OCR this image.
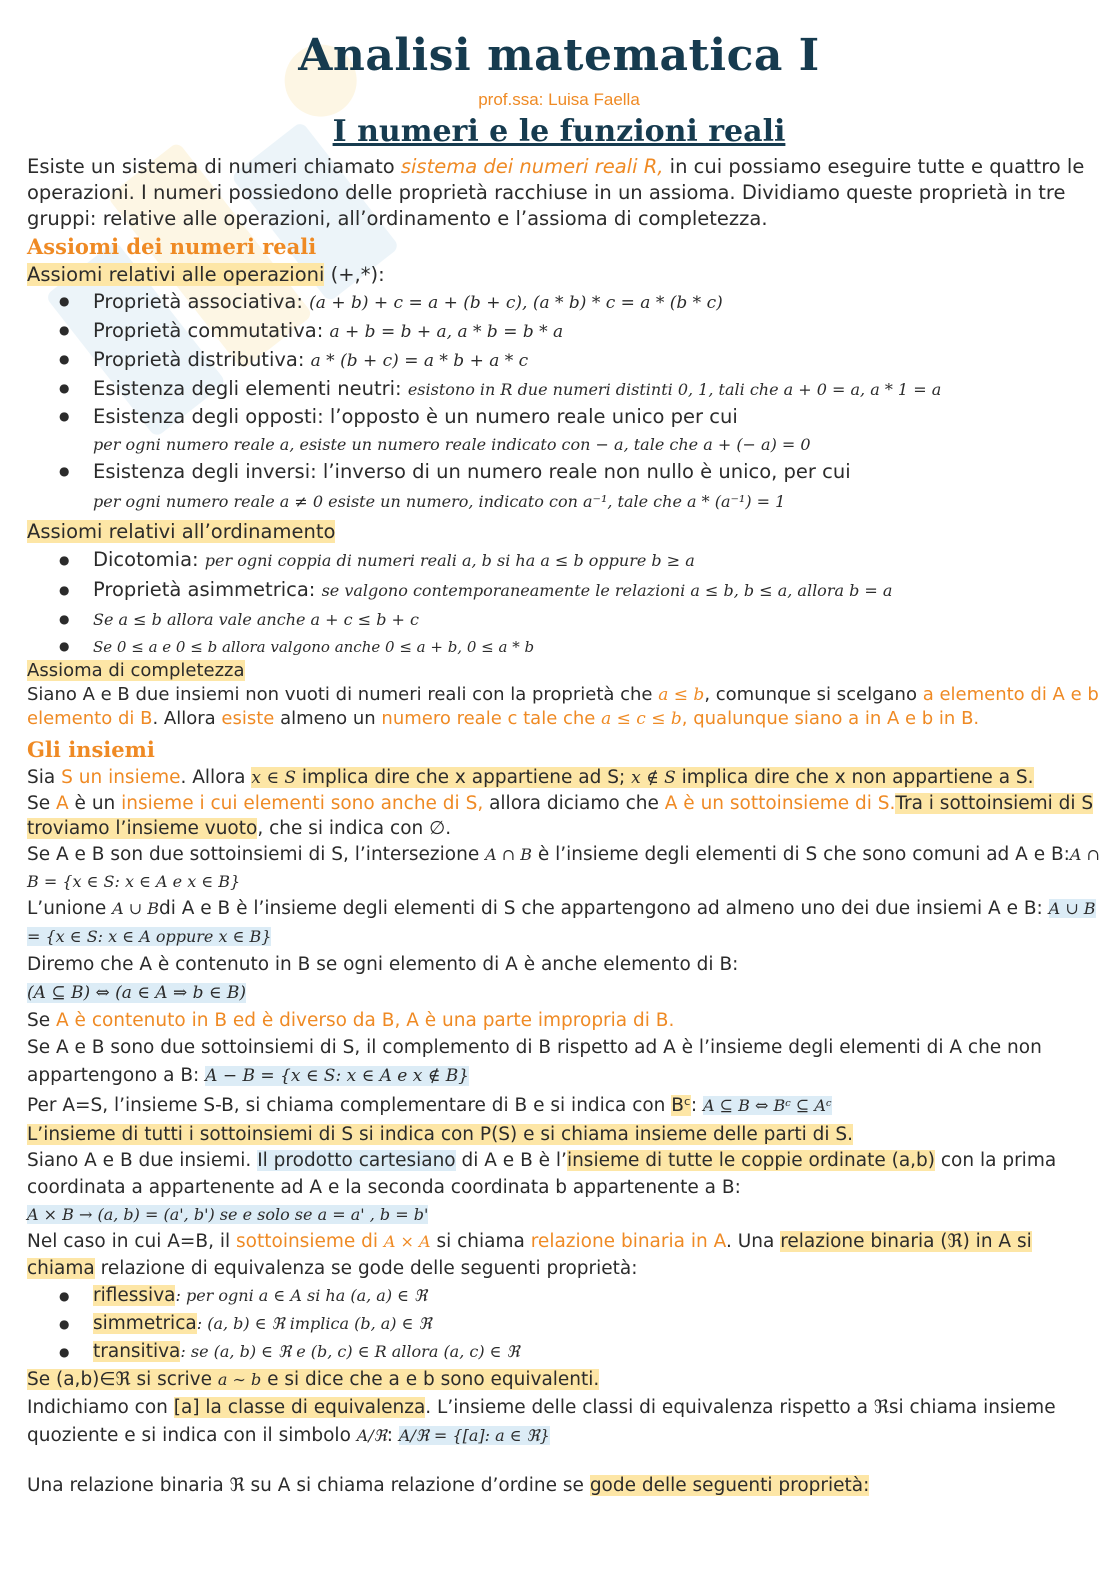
Analisi matematica I
prof.ssa: Luisa Faella
I numeri e le funzioni reali

Esiste un sistema di numeri chiamato sistema dei numeri reali R, in cui possiamo eseguire tutte e quattro le operazioni. I numeri possiedono delle proprietà racchiuse in un assioma. Dividiamo queste proprietà in tre gruppi: relative alle operazioni, all’ordinamento e l’assioma di completezza.

Assiomi dei numeri reali

Assiomi relativi alle operazioni (+,*):

● Proprietà associativa: (a + b) + c = a + (b + c), (a * b) * c = a * (b * c)
● Proprietà commutativa: a + b = b + a, a * b = b * a
● Proprietà distributiva: a * (b + c) = a * b + a * c
● Esistenza degli elementi neutri: esistono in R due numeri distinti 0, 1, tali che a + 0 = a, a * 1 = a
● Esistenza degli opposti: l’opposto è un numero reale unico per cui
per ogni numero reale a, esiste un numero reale indicato con − a, tale che a + (− a) = 0
● Esistenza degli inversi: l’inverso di un numero reale non nullo è unico, per cui
per ogni numero reale a ≠ 0 esiste un numero, indicato con a⁻¹, tale che a * (a⁻¹) = 1

Assiomi relativi all’ordinamento

● Dicotomia: per ogni coppia di numeri reali a, b si ha a ≤ b oppure b ≥ a
● Proprietà asimmetrica: se valgono contemporaneamente le relazioni a ≤ b, b ≤ a, allora b = a
● Se a ≤ b allora vale anche a + c ≤ b + c
● Se 0 ≤ a e 0 ≤ b allora valgono anche 0 ≤ a + b, 0 ≤ a * b

Assioma di completezza

Siano A e B due insiemi non vuoti di numeri reali con la proprietà che a ≤ b, comunque si scelgano a elemento di A e b elemento di B. Allora esiste almeno un numero reale c tale che a ≤ c ≤ b, qualunque siano a in A e b in B.

Gli insiemi

Sia S un insieme. Allora x ∈ S implica dire che x appartiene ad S; x ∉ S implica dire che x non appartiene a S.

Se A è un insieme i cui elementi sono anche di S, allora diciamo che A è un sottoinsieme di S.Tra i sottoinsiemi di S troviamo l’insieme vuoto, che si indica con ∅.

Se A e B son due sottoinsiemi di S, l’intersezione A ∩ B è l’insieme degli elementi di S che sono comuni ad A e B:A ∩ B = {x ∈ S: x ∈ A e x ∈ B}

L’unione A ∪ Bdi A e B è l’insieme degli elementi di S che appartengono ad almeno uno dei due insiemi A e B: A ∪ B = {x ∈ S: x ∈ A oppure x ∈ B}

Diremo che A è contenuto in B se ogni elemento di A è anche elemento di B:
(A ⊆ B) ⇔ (a ∈ A ⇒ b ∈ B)

Se A è contenuto in B ed è diverso da B, A è una parte impropria di B.

Se A e B sono due sottoinsiemi di S, il complemento di B rispetto ad A è l’insieme degli elementi di A che non appartengono a B: A − B = {x ∈ S: x ∈ A e x ∉ B}

Per A=S, l’insieme S-B, si chiama complementare di B e si indica con Bᶜ: A ⊆ B ⇔ Bᶜ ⊆ Aᶜ

L’insieme di tutti i sottoinsiemi di S si indica con P(S) e si chiama insieme delle parti di S.

Siano A e B due insiemi. Il prodotto cartesiano di A e B è l’insieme di tutte le coppie ordinate (a,b) con la prima coordinata a appartenente ad A e la seconda coordinata b appartenente a B:
A × B → (a, b) = (a', b') se e solo se a = a' , b = b'

Nel caso in cui A=B, il sottoinsieme di A × A si chiama relazione binaria in A. Una relazione binaria (ℜ) in A si chiama relazione di equivalenza se gode delle seguenti proprietà:

● riflessiva: per ogni a ∈ A si ha (a, a) ∈ ℜ
● simmetrica: (a, b) ∈ ℜ implica (b, a) ∈ ℜ
● transitiva: se (a, b) ∈ ℜ e (b, c) ∈ R allora (a, c) ∈ ℜ

Se (a,b)∈ℜ si scrive a ∼ b e si dice che a e b sono equivalenti.

Indichiamo con [a] la classe di equivalenza. L’insieme delle classi di equivalenza rispetto a ℜsi chiama insieme quoziente e si indica con il simbolo A/ℜ: A/ℜ = {[a]: a ∈ ℜ}

Una relazione binaria ℜ su A si chiama relazione d’ordine se gode delle seguenti proprietà:
